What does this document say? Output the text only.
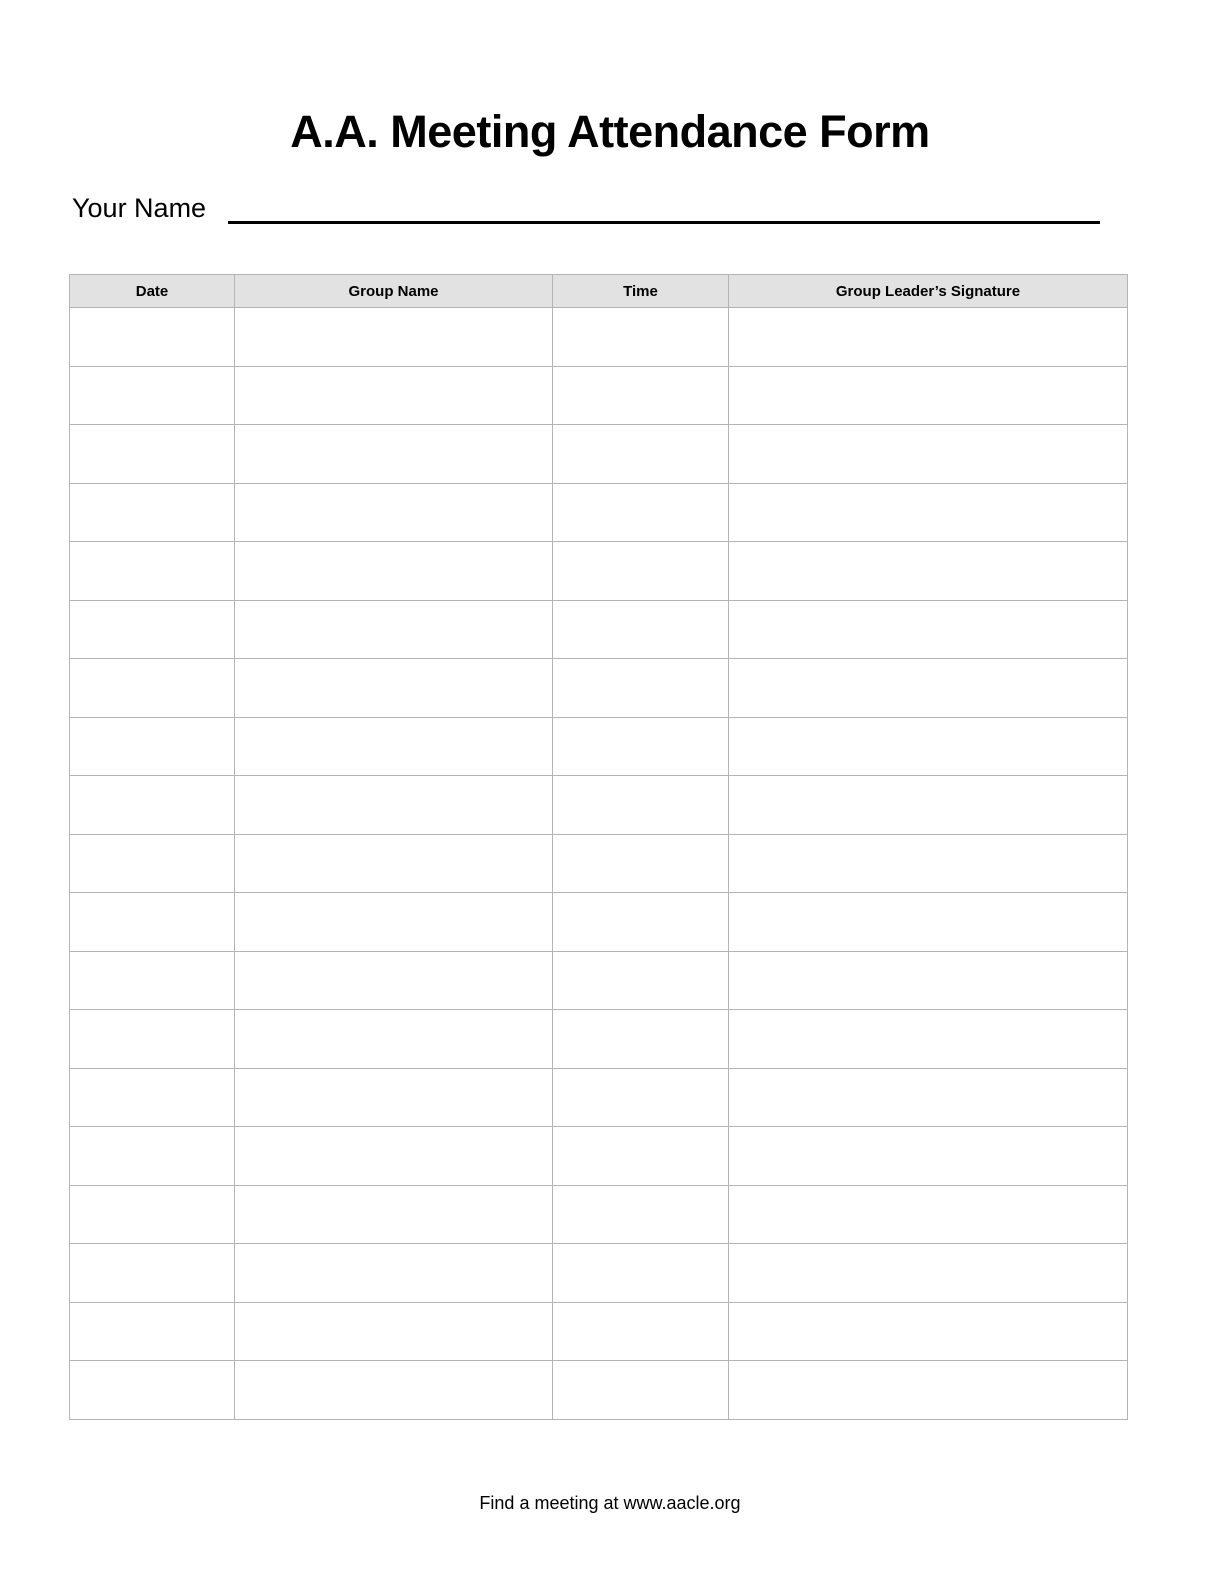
A.A. Meeting Attendance Form
Your Name
Date	Group Name	Time	Group Leader’s Signature

Find a meeting at www.aacle.org
